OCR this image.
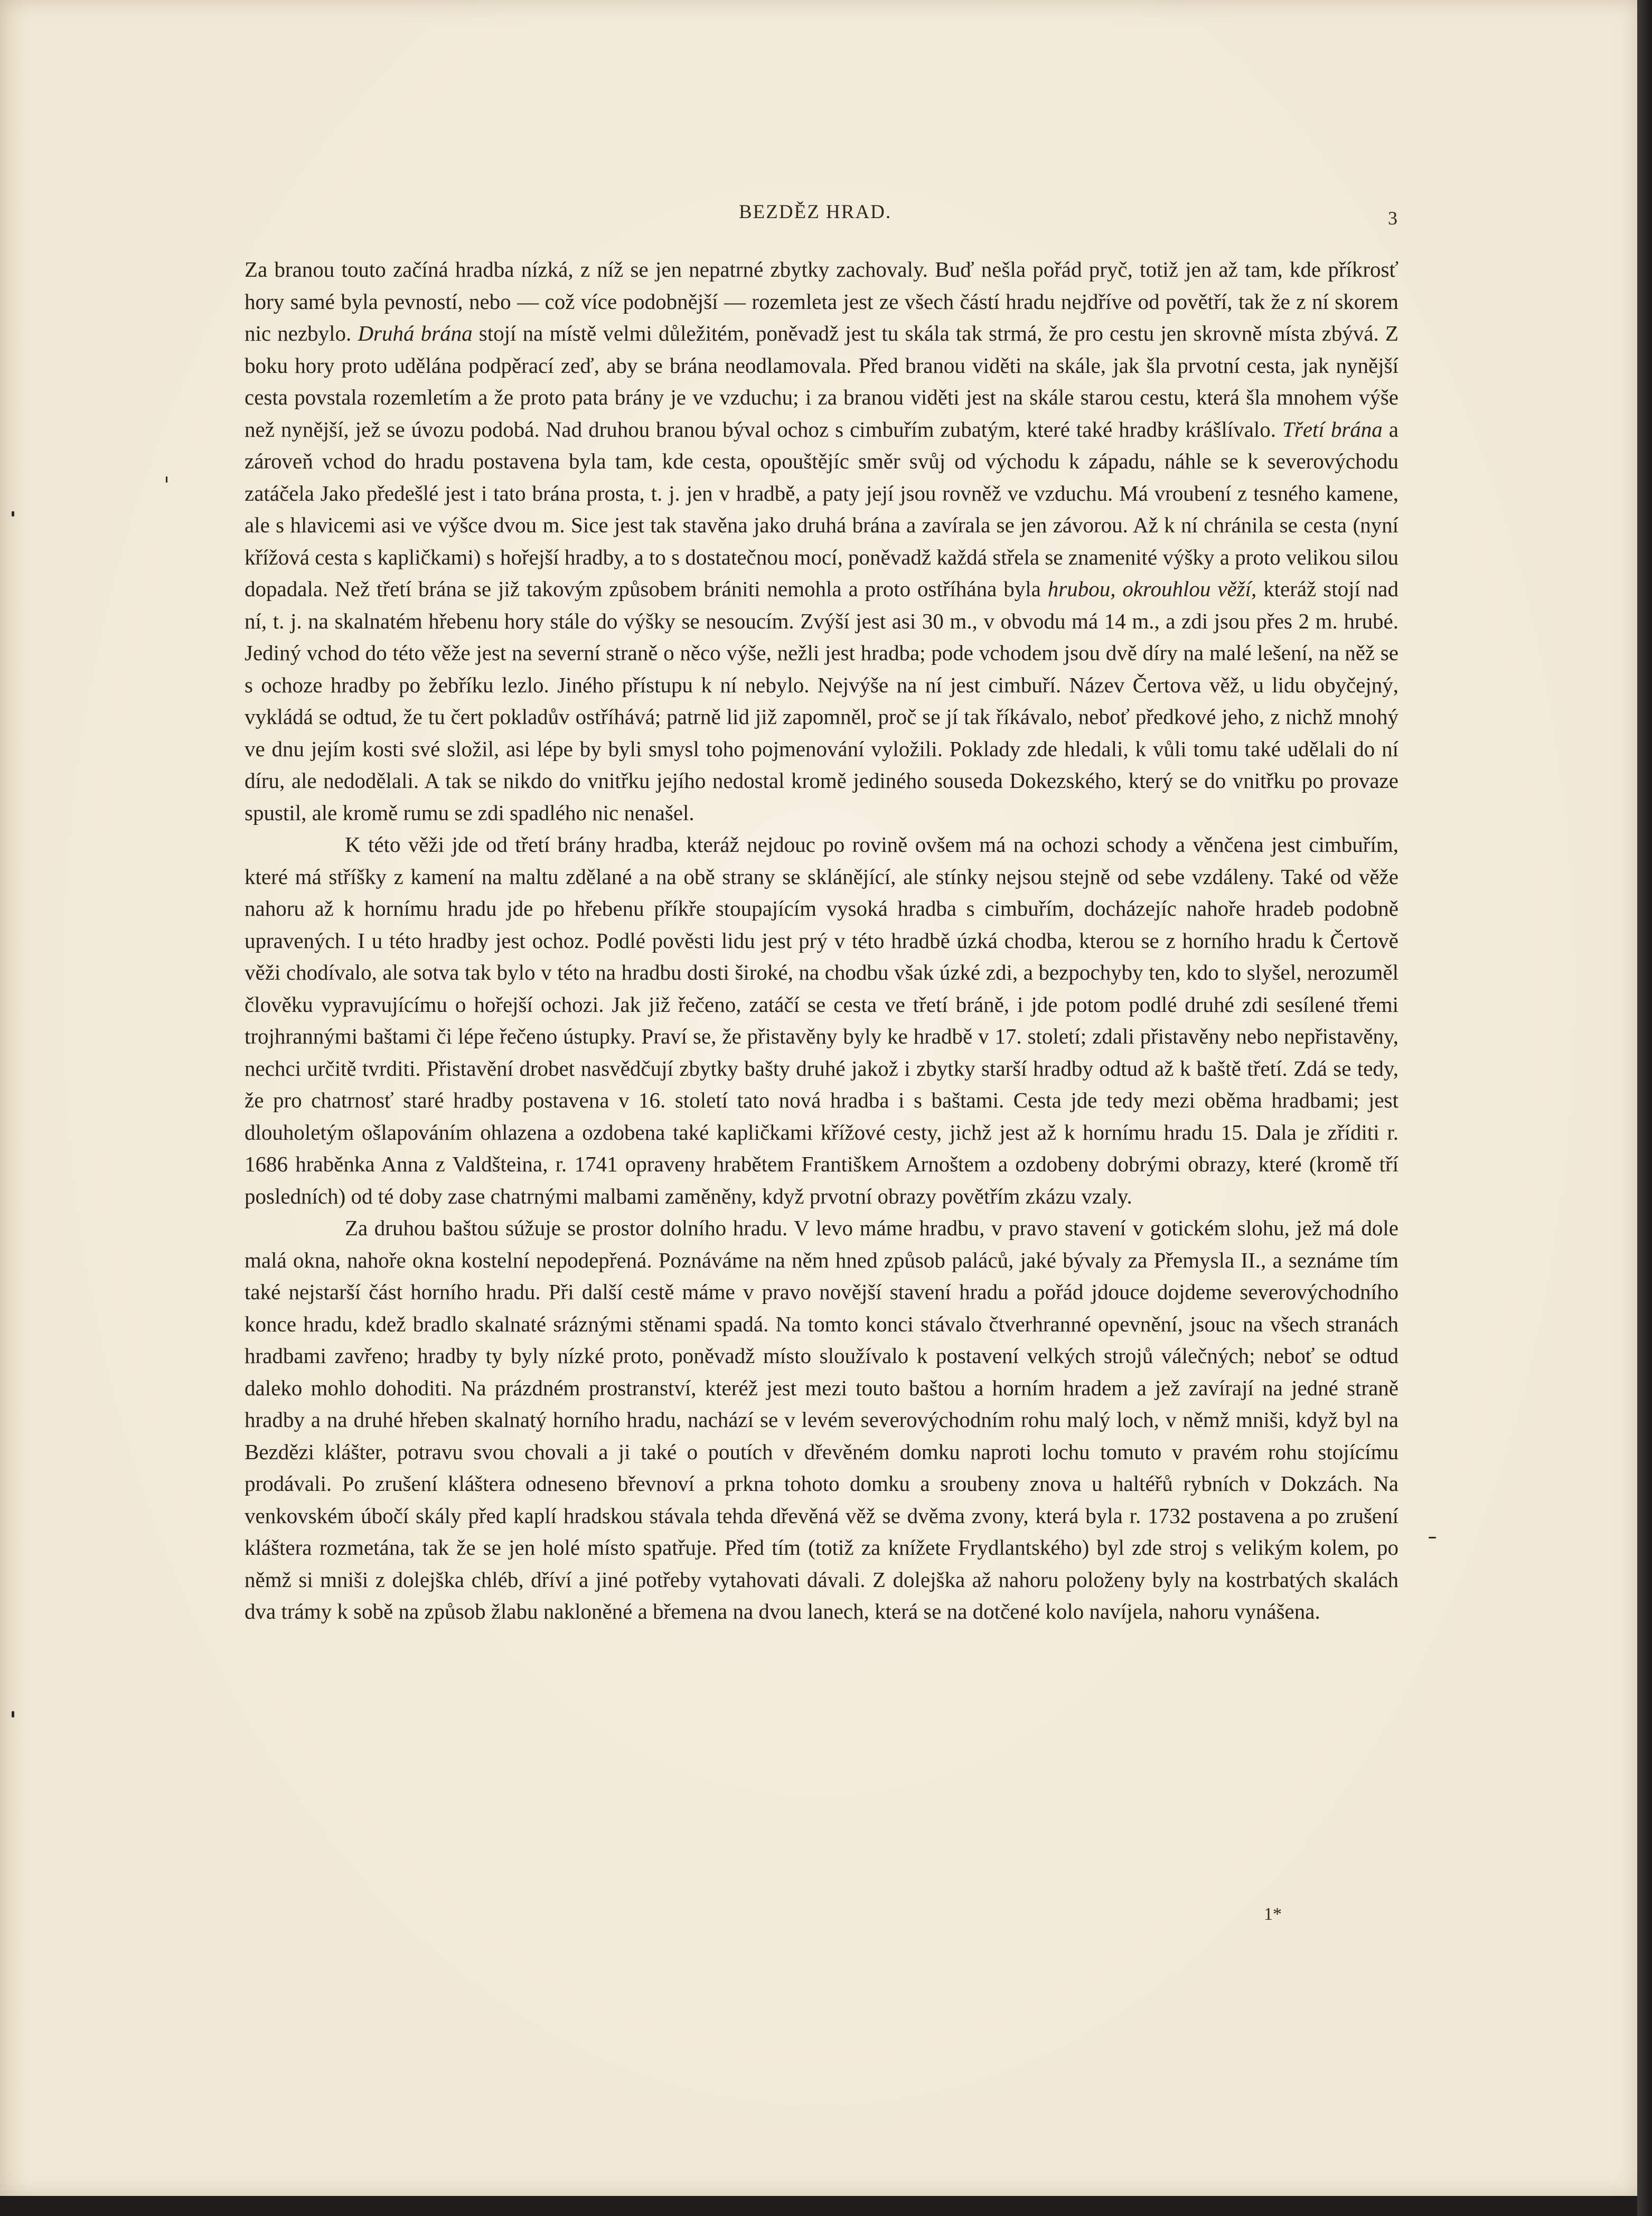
BEZDĚZ HRAD.	3

Za branou touto začíná hradba nízká, z níž se jen nepatrné zbytky zachovaly. Buď nešla pořád pryč, totiž jen až tam, kde příkrosť hory samé byla pevností, nebo — což více podobnější — rozemleta jest ze všech částí hradu nejdříve od povětří, tak že z ní skorem nic nezbylo. Druhá brána stojí na místě velmi důležitém, poněvadž jest tu skála tak strmá, že pro cestu jen skrovně místa zbývá. Z boku hory proto udělána podpěrací zeď, aby se brána neodlamovala. Před branou viděti na skále, jak šla prvotní cesta, jak nynější cesta povstala rozemletím a že proto pata brány je ve vzduchu; i za branou viděti jest na skále starou cestu, která šla mnohem výše než nynější, jež se úvozu podobá. Nad druhou branou býval ochoz s cimbuřím zubatým, které také hradby krášlívalo. Třetí brána a zároveň vchod do hradu postavena byla tam, kde cesta, opouštějíc směr svůj od východu k západu, náhle se k severovýchodu zatáčela Jako předešlé jest i tato brána prosta, t. j. jen v hradbě, a paty její jsou rovněž ve vzduchu. Má vroubení z tesného kamene, ale s hlavicemi asi ve výšce dvou m. Sice jest tak stavěna jako druhá brána a zavírala se jen závorou. Až k ní chránila se cesta (nyní křížová cesta s kapličkami) s hořejší hradby, a to s dostatečnou mocí, poněvadž každá střela se znamenité výšky a proto velikou silou dopadala. Než třetí brána se již takovým způsobem brániti nemohla a proto ostříhána byla hrubou, okrouhlou věží, kteráž stojí nad ní, t. j. na skalnatém hřebenu hory stále do výšky se nesoucím. Zvýší jest asi 30 m., v obvodu má 14 m., a zdi jsou přes 2 m. hrubé. Jediný vchod do této věže jest na severní straně o něco výše, nežli jest hradba; pode vchodem jsou dvě díry na malé lešení, na něž se s ochoze hradby po žebříku lezlo. Jiného přístupu k ní nebylo. Nejvýše na ní jest cimbuří. Název Čertova věž, u lidu obyčejný, vykládá se odtud, že tu čert pokladův ostříhává; patrně lid již zapomněl, proč se jí tak říkávalo, neboť předkové jeho, z nichž mnohý ve dnu jejím kosti své složil, asi lépe by byli smysl toho pojmenování vyložili. Poklady zde hledali, k vůli tomu také udělali do ní díru, ale nedodělali. A tak se nikdo do vnitřku jejího nedostal kromě jediného souseda Dokezského, který se do vnitřku po provaze spustil, ale kromě rumu se zdi spadlého nic nenašel.

K této věži jde od třetí brány hradba, kteráž nejdouc po rovině ovšem má na ochozi schody a věnčena jest cimbuřím, které má stříšky z kamení na maltu zdělané a na obě strany se sklánějící, ale stínky nejsou stejně od sebe vzdáleny. Také od věže nahoru až k hornímu hradu jde po hřebenu příkře stoupajícím vysoká hradba s cimbuřím, docházejíc nahoře hradeb podobně upravených. I u této hradby jest ochoz. Podlé pověsti lidu jest prý v této hradbě úzká chodba, kterou se z horního hradu k Čertově věži chodívalo, ale sotva tak bylo v této na hradbu dosti široké, na chodbu však úzké zdi, a bezpochyby ten, kdo to slyšel, nerozuměl člověku vypravujícímu o hořejší ochozi. Jak již řečeno, zatáčí se cesta ve třetí bráně, i jde potom podlé druhé zdi sesílené třemi trojhrannými baštami či lépe řečeno ústupky. Praví se, že přistavěny byly ke hradbě v 17. století; zdali přistavěny nebo nepřistavěny, nechci určitě tvrditi. Přistavění drobet nasvědčují zbytky bašty druhé jakož i zbytky starší hradby odtud až k baště třetí. Zdá se tedy, že pro chatrnosť staré hradby postavena v 16. století tato nová hradba i s baštami. Cesta jde tedy mezi oběma hradbami; jest dlouholetým ošlapováním ohlazena a ozdobena také kapličkami křížové cesty, jichž jest až k hornímu hradu 15. Dala je zříditi r. 1686 hraběnka Anna z Valdšteina, r. 1741 opraveny hrabětem Františkem Arnoštem a ozdobeny dobrými obrazy, které (kromě tří posledních) od té doby zase chatrnými malbami zaměněny, když prvotní obrazy povětřím zkázu vzaly.

Za druhou baštou súžuje se prostor dolního hradu. V levo máme hradbu, v pravo stavení v gotickém slohu, jež má dole malá okna, nahoře okna kostelní nepodepřená. Poznáváme na něm hned způsob paláců, jaké bývaly za Přemysla II., a seznáme tím také nejstarší část horního hradu. Při další cestě máme v pravo novější stavení hradu a pořád jdouce dojdeme severovýchodního konce hradu, kdež bradlo skalnaté sráznými stěnami spadá. Na tomto konci stávalo čtverhranné opevnění, jsouc na všech stranách hradbami zavřeno; hradby ty byly nízké proto, poněvadž místo sloužívalo k postavení velkých strojů válečných; neboť se odtud daleko mohlo dohoditi. Na prázdném prostranství, kteréž jest mezi touto baštou a horním hradem a jež zavírají na jedné straně hradby a na druhé hřeben skalnatý horního hradu, nachází se v levém severovýchodním rohu malý loch, v němž mniši, když byl na Bezdězi klášter, potravu svou chovali a ji také o poutích v dřevěném domku naproti lochu tomuto v pravém rohu stojícímu prodávali. Po zrušení kláštera odneseno břevnoví a prkna tohoto domku a sroubeny znova u haltéřů rybních v Dokzách. Na venkovském úbočí skály před kaplí hradskou stávala tehda dřevěná věž se dvěma zvony, která byla r. 1732 postavena a po zrušení kláštera rozmetána, tak že se jen holé místo spatřuje. Před tím (totiž za knížete Frydlantského) byl zde stroj s velikým kolem, po němž si mniši z dolejška chléb, dříví a jiné potřeby vytahovati dávali. Z dolejška až nahoru položeny byly na kostrbatých skalách dva trámy k sobě na způsob žlabu nakloněné a břemena na dvou lanech, která se na dotčené kolo navíjela, nahoru vynášena.

1*
